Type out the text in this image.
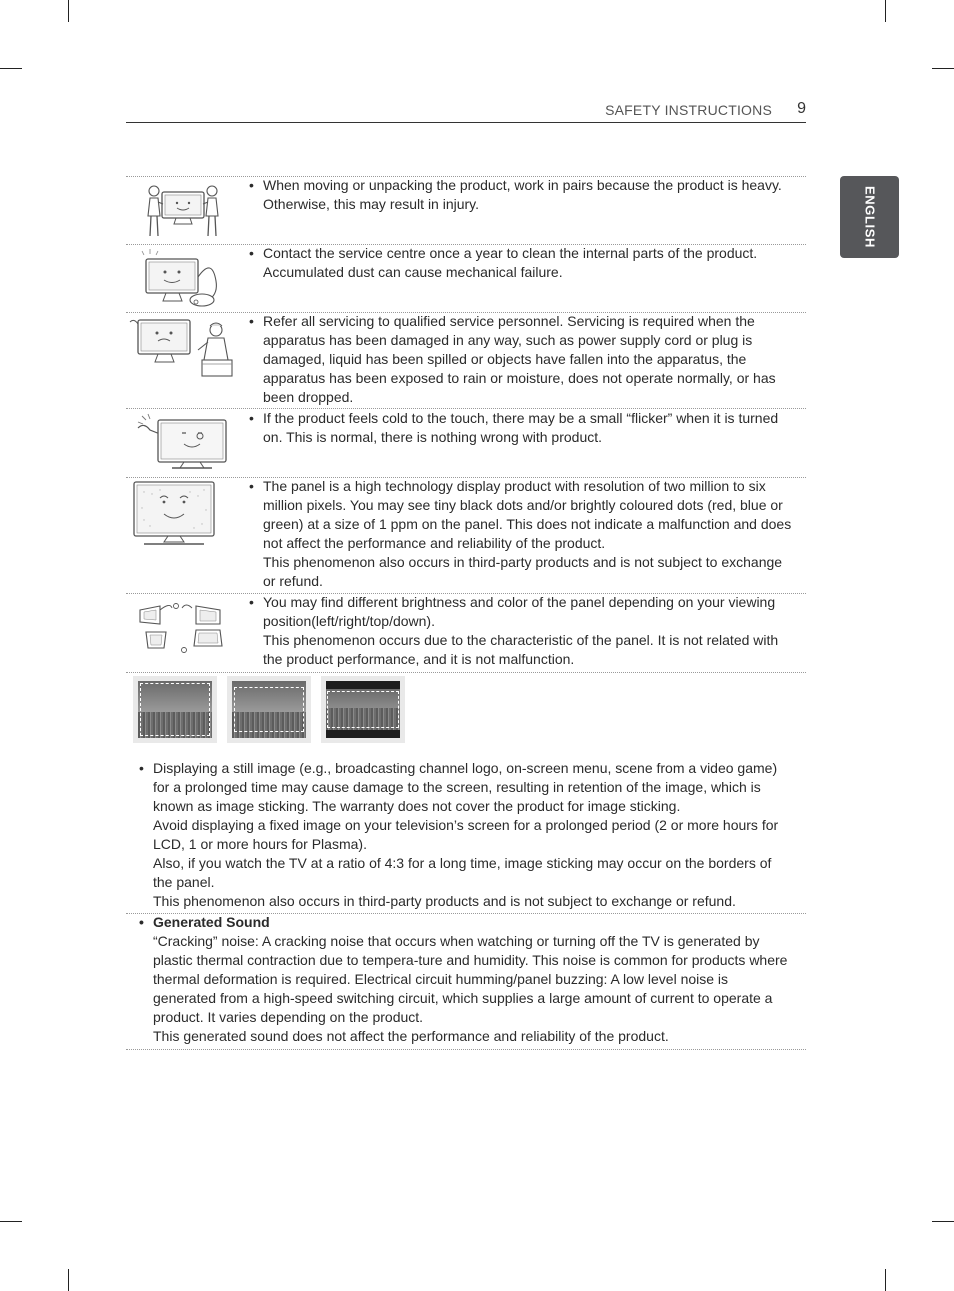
SAFETY INSTRUCTIONS 9
ENGLISH
• When moving or unpacking the product, work in pairs because the product is heavy.

Otherwise, this may result in injury.

• Contact the service centre once a year to clean the internal parts of the product. Accumulated dust can cause mechanical failure.

• Refer all servicing to qualified service personnel. Servicing is required when the apparatus has been damaged in any way, such as power supply cord or plug is damaged, liquid has been spilled or objects have fallen into the apparatus, the apparatus has been exposed to rain or moisture, does not operate normally, or has been dropped.

• If the product feels cold to the touch, there may be a small “flicker” when it is turned on. This is normal, there is nothing wrong with product.

• The panel is a high technology display product with resolution of two million to six million pixels. You may see tiny black dots and/or brightly coloured dots (red, blue or green) at a size of 1 ppm on the panel. This does not indicate a malfunction and does not affect the performance and reliability of the product.

This phenomenon also occurs in third-party products and is not subject to exchange or refund.

• You may find different brightness and color of the panel depending on your viewing position(left/right/top/down).

This phenomenon occurs due to the characteristic of the panel. It is not related with the product performance, and it is not malfunction.

• Displaying a still image (e.g., broadcasting channel logo, on-screen menu, scene from a video game) for a prolonged time may cause damage to the screen, resulting in retention of the image, which is known as image sticking. The warranty does not cover the product for image sticking.

Avoid displaying a fixed image on your television’s screen for a prolonged period (2 or more hours for LCD, 1 or more hours for Plasma).

Also, if you watch the TV at a ratio of 4:3 for a long time, image sticking may occur on the borders of the panel.

This phenomenon also occurs in third-party products and is not subject to exchange or refund.

• Generated Sound

“Cracking” noise: A cracking noise that occurs when watching or turning off the TV is generated by plastic thermal contraction due to tempera-ture and humidity. This noise is common for products where thermal deformation is required. Electrical circuit humming/panel buzzing: A low level noise is generated from a high-speed switching circuit, which supplies a large amount of current to operate a product. It varies depending on the product.

This generated sound does not affect the performance and reliability of the product.
